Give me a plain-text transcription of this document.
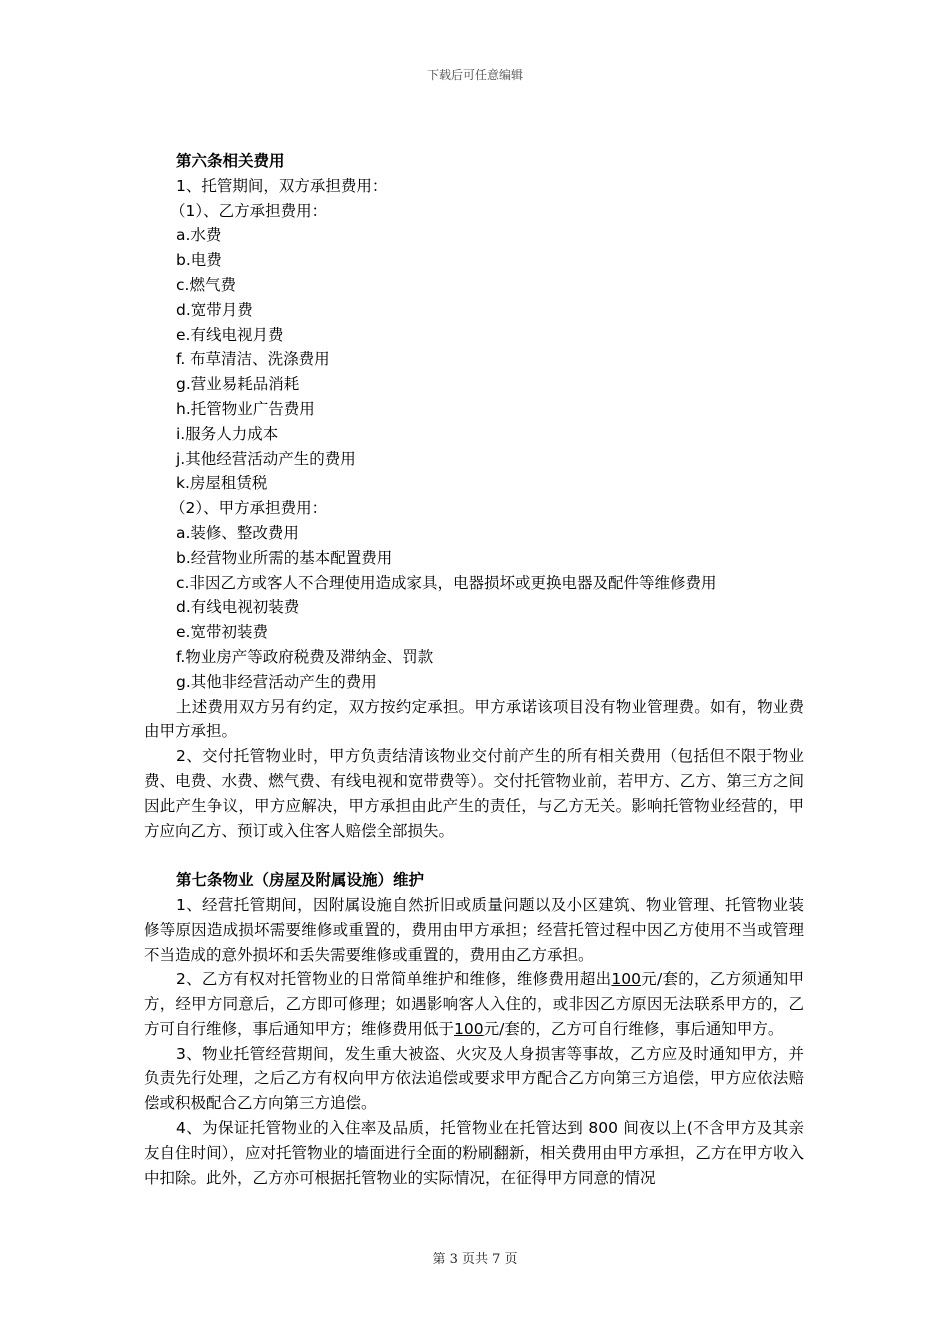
下载后可任意编辑

第六条相关费用

1、托管期间，双方承担费用：

（1）、乙方承担费用：

a.水费

b.电费

c.燃气费

d.宽带月费

e.有线电视月费

f. 布草清洁、洗涤费用

g.营业易耗品消耗

h.托管物业广告费用

i.服务人力成本

j.其他经营活动产生的费用

k.房屋租赁税

（2）、甲方承担费用：

a.装修、整改费用

b.经营物业所需的基本配置费用

c.非因乙方或客人不合理使用造成家具，电器损坏或更换电器及配件等维修费用

d.有线电视初装费

e.宽带初装费

f.物业房产等政府税费及滞纳金、罚款

g.其他非经营活动产生的费用

上述费用双方另有约定，双方按约定承担。甲方承诺该项目没有物业管理费。如有，物业费由甲方承担。

2、交付托管物业时，甲方负责结清该物业交付前产生的所有相关费用（包括但不限于物业费、电费、水费、燃气费、有线电视和宽带费等）。交付托管物业前，若甲方、乙方、第三方之间因此产生争议，甲方应解决，甲方承担由此产生的责任，与乙方无关。影响托管物业经营的，甲方应向乙方、预订或入住客人赔偿全部损失。

第七条物业（房屋及附属设施）维护

1、经营托管期间，因附属设施自然折旧或质量问题以及小区建筑、物业管理、托管物业装修等原因造成损坏需要维修或重置的，费用由甲方承担；经营托管过程中因乙方使用不当或管理不当造成的意外损坏和丢失需要维修或重置的，费用由乙方承担。

2、乙方有权对托管物业的日常简单维护和维修，维修费用超出100元/套的，乙方须通知甲方，经甲方同意后，乙方即可修理；如遇影响客人入住的，或非因乙方原因无法联系甲方的，乙方可自行维修，事后通知甲方；维修费用低于100元/套的，乙方可自行维修，事后通知甲方。

3、物业托管经营期间，发生重大被盗、火灾及人身损害等事故，乙方应及时通知甲方，并负责先行处理，之后乙方有权向甲方依法追偿或要求甲方配合乙方向第三方追偿，甲方应依法赔偿或积极配合乙方向第三方追偿。

4、为保证托管物业的入住率及品质，托管物业在托管达到 800 间夜以上(不含甲方及其亲友自住时间），应对托管物业的墙面进行全面的粉刷翻新，相关费用由甲方承担，乙方在甲方收入中扣除。此外，乙方亦可根据托管物业的实际情况，在征得甲方同意的情况

第 3 页共 7 页
